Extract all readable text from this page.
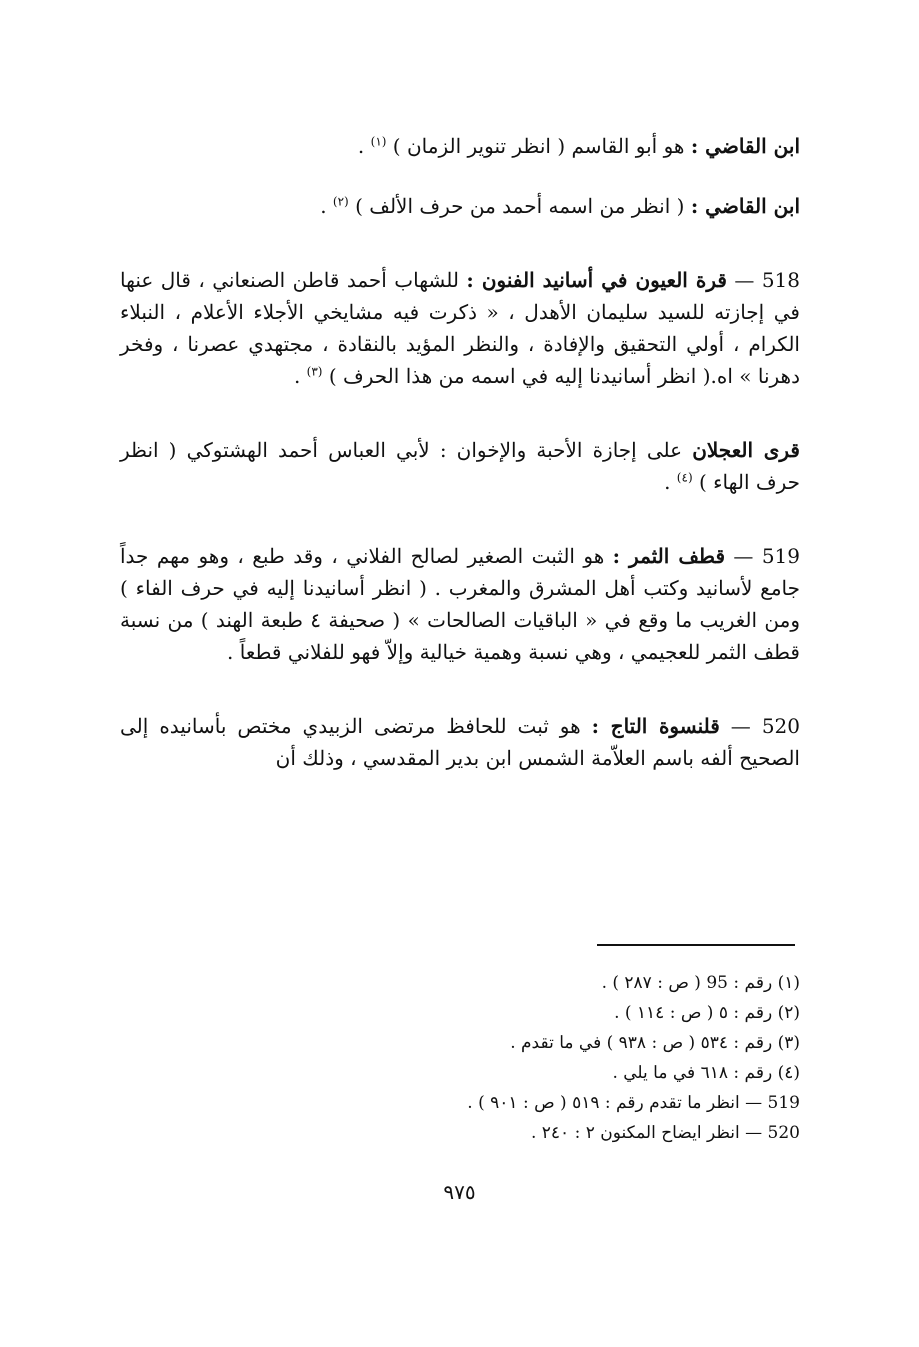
ابن القاضي : هو أبو القاسم ( انظر تنوير الزمان ) $^{(١)}$ .

ابن القاضي : ( انظر من اسمه أحمد من حرف الألف ) $^{(٢)}$ .

518 — قرة العيون في أسانيد الفنون : للشهاب أحمد قاطن الصنعاني ، قال عنها في إجازته للسيد سليمان الأهدل ، « ذكرت فيه مشايخي الأجلاء الأعلام ، النبلاء الكرام ، أولي التحقيق والإفادة ، والنظر المؤيد بالنقادة ، مجتهدي عصرنا ، وفخر دهرنا » اه.( انظر أسانيدنا إليه في اسمه من هذا الحرف ) $^{(٣)}$ .

قرى العجلان على إجازة الأحبة والإخوان : لأبي العباس أحمد الهشتوكي ( انظر حرف الهاء ) $^{(٤)}$ .

519 — قطف الثمر : هو الثبت الصغير لصالح الفلاني ، وقد طبع ، وهو مهم جداً جامع لأسانيد وكتب أهل المشرق والمغرب . ( انظر أسانيدنا إليه في حرف الفاء ) ومن الغريب ما وقع في « الباقيات الصالحات » ( صحيفة ٤ طبعة الهند ) من نسبة قطف الثمر للعجيمي ، وهي نسبة وهمية خيالية وإلاّ فهو للفلاني قطعاً .

520 — قلنسوة التاج : هو ثبت للحافظ مرتضى الزبيدي مختص بأسانيده إلى الصحيح ألفه باسم العلاّمة الشمس ابن بدير المقدسي ، وذلك أن

(١) رقم : 95 ( ص : ٢٨٧ ) .

(٢) رقم : ٥ ( ص : ١١٤ ) .

(٣) رقم : ٥٣٤ ( ص : ٩٣٨ ) في ما تقدم .

(٤) رقم : ٦١٨ في ما يلي .

519 — انظر ما تقدم رقم : ٥١٩ ( ص : ٩٠١ ) .

520 — انظر ايضاح المكنون ٢ : ٢٤٠ .

٩٧٥
